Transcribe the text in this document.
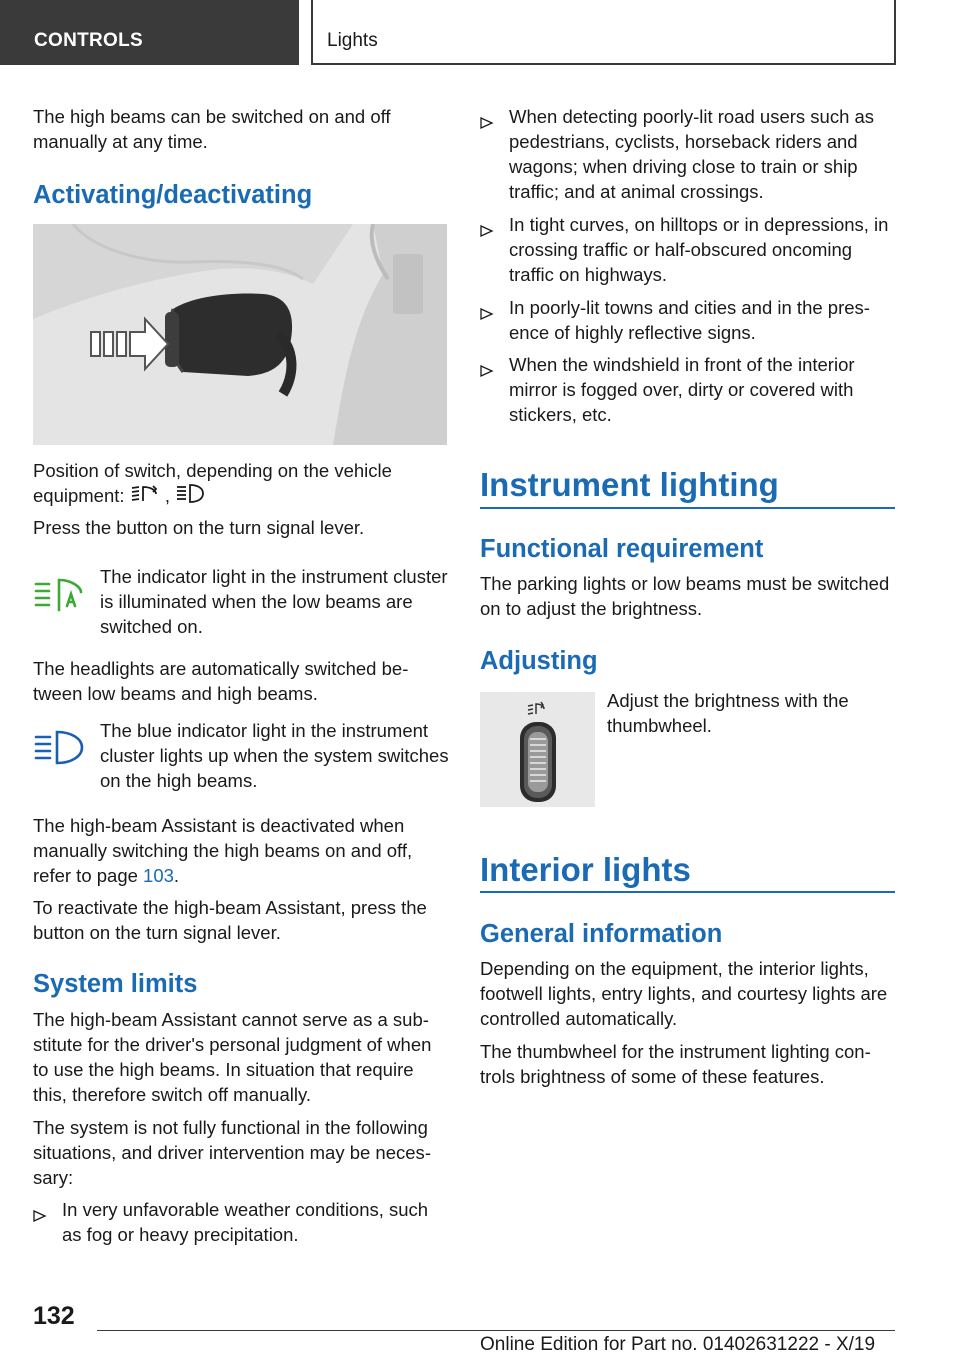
CONTROLS	Lights

The high beams can be switched on and off manually at any time.

Activating/deactivating

Position of switch, depending on the vehicle equipment: ,

Press the button on the turn signal lever.

The indicator light in the instrument cluster is illuminated when the low beams are switched on.

The headlights are automatically switched between low beams and high beams.

The blue indicator light in the instrument cluster lights up when the system switches on the high beams.

The high-beam Assistant is deactivated when manually switching the high beams on and off, refer to page 103.

To reactivate the high-beam Assistant, press the button on the turn signal lever.

System limits

The high-beam Assistant cannot serve as a substitute for the driver's personal judgment of when to use the high beams. In situation that require this, therefore switch off manually.

The system is not fully functional in the following situations, and driver intervention may be necessary:

In very unfavorable weather conditions, such as fog or heavy precipitation.
When detecting poorly-lit road users such as pedestrians, cyclists, horseback riders and wagons; when driving close to train or ship traffic; and at animal crossings.
In tight curves, on hilltops or in depressions, in crossing traffic or half-obscured oncoming traffic on highways.
In poorly-lit towns and cities and in the presence of highly reflective signs.
When the windshield in front of the interior mirror is fogged over, dirty or covered with stickers, etc.
Instrument lighting
Functional requirement

The parking lights or low beams must be switched on to adjust the brightness.

Adjusting

Adjust the brightness with the thumbwheel.

Interior lights
General information

Depending on the equipment, the interior lights, footwell lights, entry lights, and courtesy lights are controlled automatically.

The thumbwheel for the instrument lighting controls brightness of some of these features.

132
Online Edition for Part no. 01402631222 - X/19
